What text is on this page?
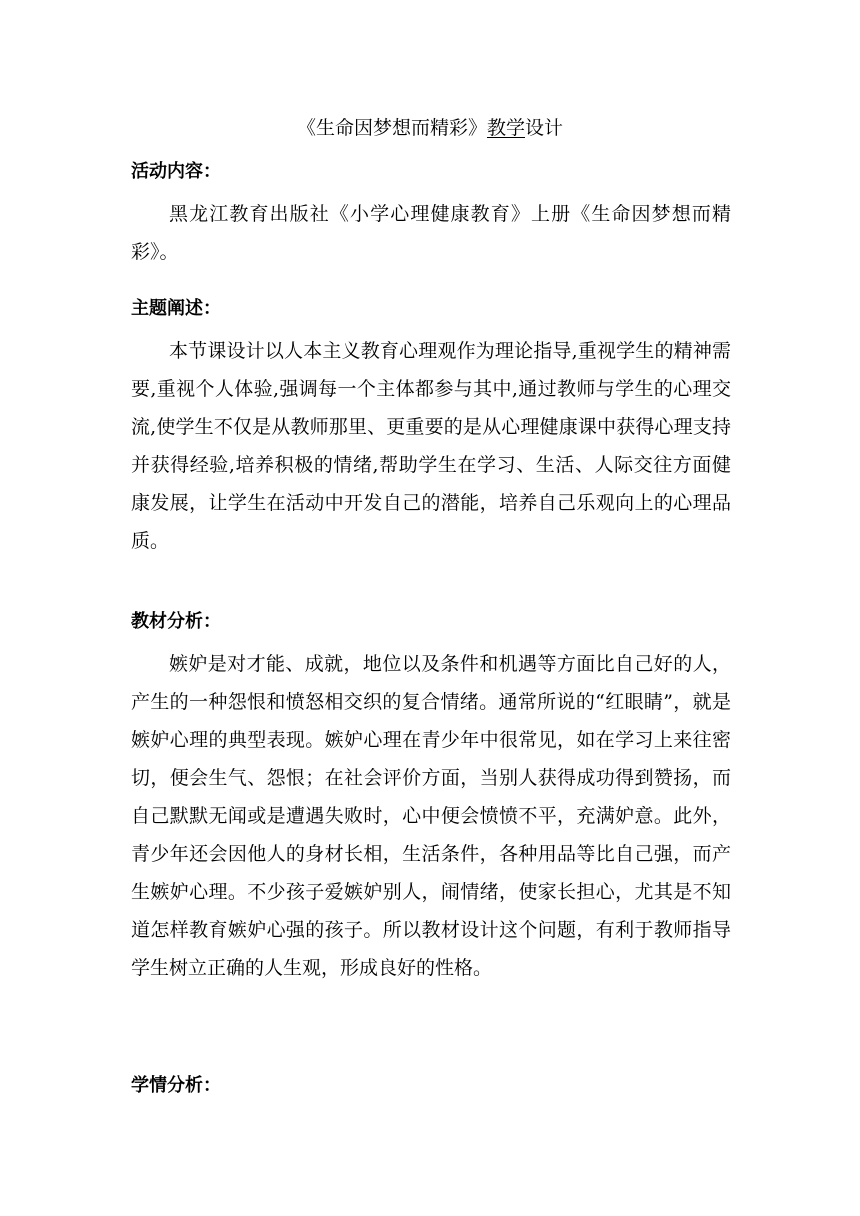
《生命因梦想而精彩》教学设计

活动内容：

黑龙江教育出版社《小学心理健康教育》上册《生命因梦想而精彩》。

主题阐述：

本节课设计以人本主义教育心理观作为理论指导,重视学生的精神需要,重视个人体验,强调每一个主体都参与其中,通过教师与学生的心理交流,使学生不仅是从教师那里、更重要的是从心理健康课中获得心理支持并获得经验,培养积极的情绪,帮助学生在学习、生活、人际交往方面健康发展，让学生在活动中开发自己的潜能，培养自己乐观向上的心理品质。

教材分析：

嫉妒是对才能、成就，地位以及条件和机遇等方面比自己好的人，产生的一种怨恨和愤怒相交织的复合情绪。通常所说的“红眼睛”，就是嫉妒心理的典型表现。嫉妒心理在青少年中很常见，如在学习上来往密切，便会生气、怨恨；在社会评价方面，当别人获得成功得到赞扬，而自己默默无闻或是遭遇失败时，心中便会愤愤不平，充满妒意。此外，青少年还会因他人的身材长相，生活条件，各种用品等比自己强，而产生嫉妒心理。不少孩子爱嫉妒别人，闹情绪，使家长担心，尤其是不知道怎样教育嫉妒心强的孩子。所以教材设计这个问题，有利于教师指导学生树立正确的人生观，形成良好的性格。

学情分析：
